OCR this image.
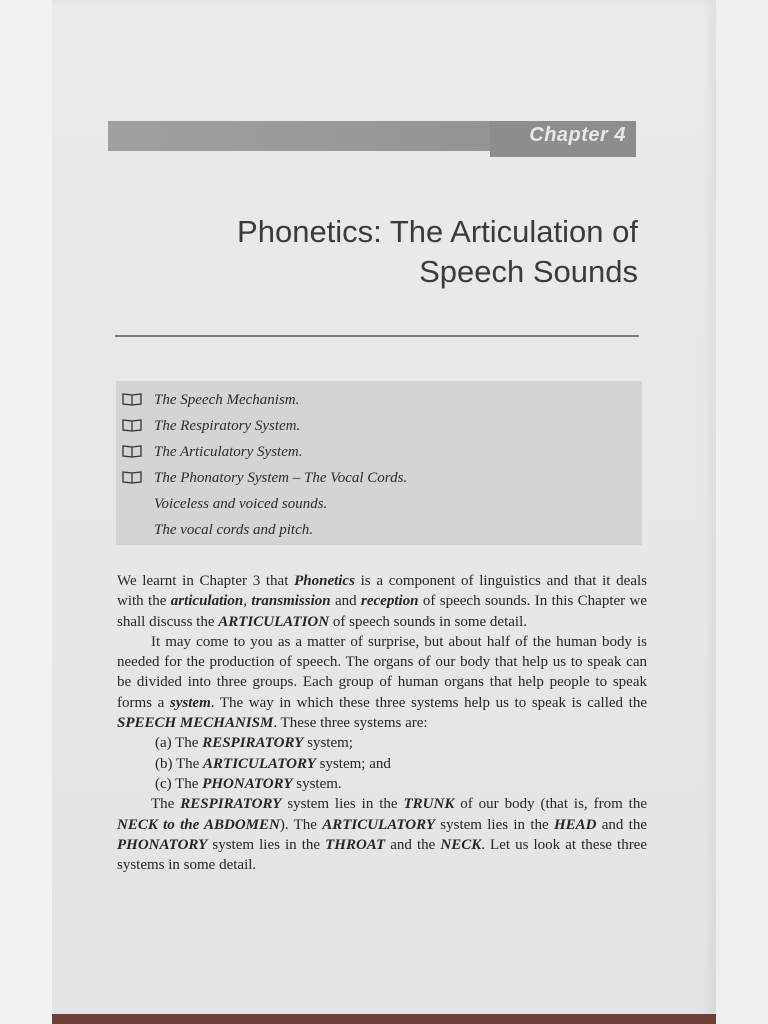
Chapter 4
Phonetics: The Articulation of
Speech Sounds
The Speech Mechanism.
The Respiratory System.
The Articulatory System.
The Phonatory System – The Vocal Cords.
Voiceless and voiced sounds.
The vocal cords and pitch.

We learnt in Chapter 3 that Phonetics is a component of linguistics and that it deals with the articulation, transmission and reception of speech sounds. In this Chapter we shall discuss the ARTICULATION of speech sounds in some detail.

It may come to you as a matter of surprise, but about half of the human body is needed for the production of speech. The organs of our body that help us to speak can be divided into three groups. Each group of human organs that help people to speak forms a system. The way in which these three systems help us to speak is called the SPEECH MECHANISM. These three systems are:

(a) The RESPIRATORY system;

(b) The ARTICULATORY system; and

(c) The PHONATORY system.

The RESPIRATORY system lies in the TRUNK of our body (that is, from the NECK to the ABDOMEN). The ARTICULATORY system lies in the HEAD and the PHONATORY system lies in the THROAT and the NECK. Let us look at these three systems in some detail.
